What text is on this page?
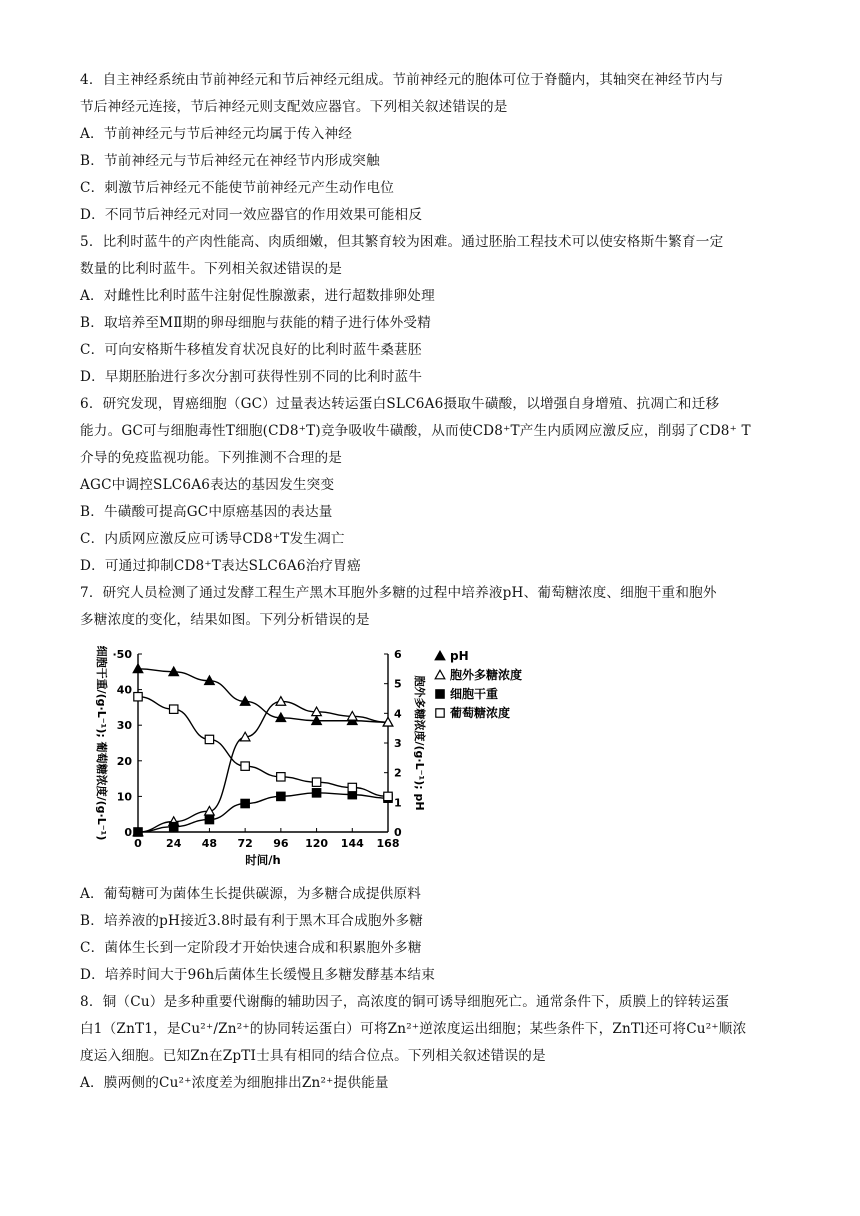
4．自主神经系统由节前神经元和节后神经元组成。节前神经元的胞体可位于脊髓内，其轴突在神经节内与
节后神经元连接，节后神经元则支配效应器官。下列相关叙述错误的是
A．节前神经元与节后神经元均属于传入神经
B．节前神经元与节后神经元在神经节内形成突触
C．刺激节后神经元不能使节前神经元产生动作电位
D．不同节后神经元对同一效应器官的作用效果可能相反
5．比利时蓝牛的产肉性能高、肉质细嫩，但其繁育较为困难。通过胚胎工程技术可以使安格斯牛繁育一定
数量的比利时蓝牛。下列相关叙述错误的是
A．对雌性比利时蓝牛注射促性腺激素，进行超数排卵处理
B．取培养至MⅡ期的卵母细胞与获能的精子进行体外受精
C．可向安格斯牛移植发育状况良好的比利时蓝牛桑葚胚
D．早期胚胎进行多次分割可获得性别不同的比利时蓝牛
6．研究发现，胃癌细胞（GC）过量表达转运蛋白SLC6A6摄取牛磺酸，以增强自身增殖、抗凋亡和迁移
能力。GC可与细胞毒性T细胞(CD8⁺T)竞争吸收牛磺酸，从而使CD8⁺T产生内质网应激反应，削弱了CD8⁺ T
介导的免疫监视功能。下列推测不合理的是
AGC中调控SLC6A6表达的基因发生突变
B．牛磺酸可提高GC中原癌基因的表达量
C．内质网应激反应可诱导CD8⁺T发生凋亡
D．可通过抑制CD8⁺T表达SLC6A6治疗胃癌
7．研究人员检测了通过发酵工程生产黑木耳胞外多糖的过程中培养液pH、葡萄糖浓度、细胞干重和胞外
多糖浓度的变化，结果如图。下列分析错误的是
0
10
20
30
40
·50
0
1
2
3
4
5
6
0 24 48 72 96 120 144 168
时间/h
细胞干重/(g·L⁻¹); 葡萄糖浓度/(g·L⁻¹)	胞外多糖浓度/(g·L⁻¹); pH
pH
胞外多糖浓度
细胞干重
葡萄糖浓度
A．葡萄糖可为菌体生长提供碳源，为多糖合成提供原料
B．培养液的pH接近3.8时最有利于黑木耳合成胞外多糖
C．菌体生长到一定阶段才开始快速合成和积累胞外多糖
D．培养时间大于96h后菌体生长缓慢且多糖发酵基本结束
8．铜（Cu）是多种重要代谢酶的辅助因子，高浓度的铜可诱导细胞死亡。通常条件下，质膜上的锌转运蛋
白1（ZnT1，是Cu²⁺/Zn²⁺的协同转运蛋白）可将Zn²⁺逆浓度运出细胞；某些条件下，ZnTl还可将Cu²⁺顺浓
度运入细胞。已知Zn在ZpTI士具有相同的结合位点。下列相关叙述错误的是
A．膜两侧的Cu²⁺浓度差为细胞排出Zn²⁺提供能量
